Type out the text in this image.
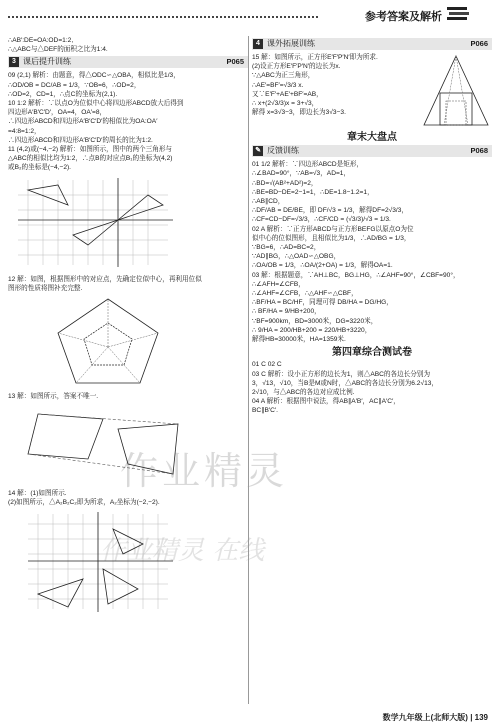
参考答案及解析
作业精灵
作业精灵 在线
∴AB′:DE=OA:OD=1:2,
∴△ABC与△DEF的面积之比为1:4.
3 课后提升训练	P065
09 (2,1) 解析：由题意，得△ODC∽△OBA，相似比是1/3，
∴OD/OB = DC/AB = 1/3，∵OB=6，∴OD=2，
∴OD=2，CD=1，∴点C的坐标为(2,1).
10 1:2 解析：∵以点O为位似中心将四边形ABCD放大后得到
四边形A′B′C′D′，OA=4，OA′=8，
∴四边形ABCD和四边形A′B′C′D′的相似比为OA:OA′
=4:8=1:2，
∴四边形ABCD和四边形A′B′C′D′的周长的比为1:2.
11 (4,2)或(−4,−2) 解析：如图所示，图中的两个三角形与
△ABC的相似比均为1:2，∴点B的对应点B₁的坐标为(4,2)
或B₂的坐标是(−4,−2).
12 解：如图，根据图形中的对应点，先确定位似中心，再利用位似
图形的性质将图补充完整.
13 解：如图所示，答案不唯一.
14 解：(1)如图所示.
(2)如图所示，△A₂B₂C₂即为所求，A₂坐标为(−2,−2).
4 课外拓展训练	P066
15 解：如图所示，正方形E′F′P′N′即为所求.
(2)设正方形E′F′P′N′的边长为x.
∵△ABC为正三角形，
∴AE′=BF′=√3/3 x.
又∵E′F′+AE′+BF′=AB，
∴ x+(2√3/3)x = 3+√3，
解得 x=3√3−3，即边长为3√3−3.
章末大盘点
✎ 反馈训练	P068
01 1/2 解析：∵四边形ABCD是矩形，
∴∠BAD=90°，∵AB=√3，AD=1，
∴BD=√(AB²+AD²)=2，
∴BE=BD−DE=2−1=1，∴DE=1.8−1.2=1，
∴AB∥CD，
∴DF/AB = DE/BE，即 DF/√3 = 1/3，解得DF=2√3/3，
∴CF=CD−DF=√3/3，∴CF/CD = (√3/3)/√3 = 1/3.
02 A 解析：∵正方形ABCD与正方形BEFG以原点O为位
似中心的位似图形，且相似比为1/3，∴AD/BG = 1/3，
∵BG=6，∴AD=BC=2，
∵AD∥BG，∴△OAD∽△OBG，
∴OA/OB = 1/3，∴OA/(2+OA) = 1/3，解得OA=1.
03 解：根据题意，∵AH⊥BC，BG⊥HG，∴∠AHF=90°，∠CBF=90°，
∴∠AFH=∠CFB，
∴∠AHF=∠CFB，∴△AHF∽△CBF，
∴BF/HA = BC/HF，同理可得 DB/HA = DG/HG，
∴ BF/HA = 9/HB+200，
∵BF=900km，BD=3000米，DG=3220米，
∴ 9/HA = 200/HB+200 = 220/HB+3220，
解得HB=30000米，HA=1359米.
第四章综合测试卷
01 C 02 C
03 C 解析：设小正方形的边长为1，则△ABC的各边长分别为
3，√13，√10，当B是M或N时，△ABC的各边长分别为6.2√13，
2√10，与△ABC的各边对应成比例.
04 A 解析：根据图中说法，得AB∥A′B′，AC∥A′C′，
BC∥B′C′.
数学九年级上(北师大版) | 139
